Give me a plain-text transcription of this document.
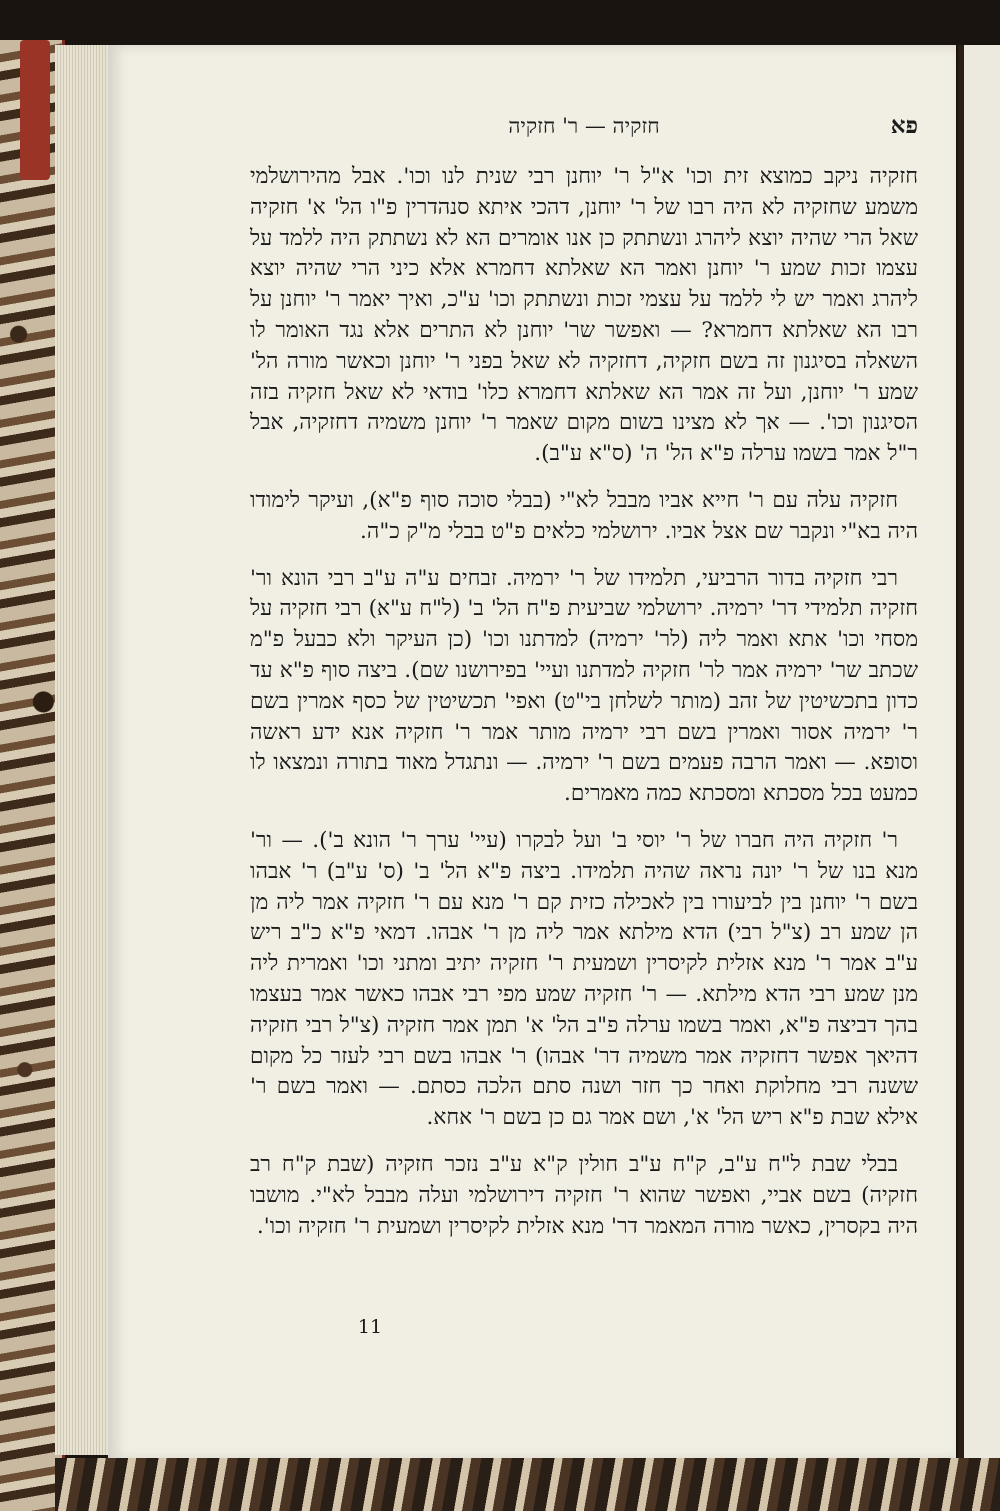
פא
חזקיה — ר' חזקיה

חזקיה ניקב כמוצא זית וכו' א"ל ר' יוחנן רבי שנית לנו וכו'. אבל מהירושלמי משמע שחזקיה לא היה רבו של ר' יוחנן, דהכי איתא סנהדרין פ"ו הל' א' חזקיה שאל הרי שהיה יוצא ליהרג ונשתתק כן אנו אומרים הא לא נשתתק היה ללמד על עצמו זכות שמע ר' יוחנן ואמר הא שאלתא דחמרא אלא כיני הרי שהיה יוצא ליהרג ואמר יש לי ללמד על עצמי זכות ונשתתק וכו' ע"כ, ואיך יאמר ר' יוחנן על רבו הא שאלתא דחמרא? — ואפשר שר' יוחנן לא התרים אלא נגד האומר לו השאלה בסיגנון זה בשם חזקיה, דחזקיה לא שאל בפני ר' יוחנן וכאשר מורה הל' שמע ר' יוחנן, ועל זה אמר הא שאלתא דחמרא כלו' בודאי לא שאל חזקיה בזה הסיגנון וכו'. — אך לא מצינו בשום מקום שאמר ר' יוחנן משמיה דחזקיה, אבל ר"ל אמר בשמו ערלה פ"א הל' ה' (ס"א ע"ב).

חזקיה עלה עם ר' חייא אביו מבבל לא"י (בבלי סוכה סוף פ"א), ועיקר לימודו היה בא"י ונקבר שם אצל אביו. ירושלמי כלאים פ"ט בבלי מ"ק כ"ה.

רבי חזקיה בדור הרביעי, תלמידו של ר' ירמיה. זבחים ע"ה ע"ב רבי הונא ור' חזקיה תלמידי דר' ירמיה. ירושלמי שביעית פ"ח הל' ב' (ל"ח ע"א) רבי חזקיה על מסחי וכו' אתא ואמר ליה (לר' ירמיה) למדתנו וכו' (כן העיקר ולא כבעל פ"מ שכתב שר' ירמיה אמר לר' חזקיה למדתנו ועיי' בפירושנו שם). ביצה סוף פ"א עד כדון בתכשיטין של זהב (מותר לשלחן בי"ט) ואפי' תכשיטין של כסף אמרין בשם ר' ירמיה אסור ואמרין בשם רבי ירמיה מותר אמר ר' חזקיה אנא ידע ראשה וסופא. — ואמר הרבה פעמים בשם ר' ירמיה. — ונתגדל מאוד בתורה ונמצאו לו כמעט בכל מסכתא ומסכתא כמה מאמרים.

ר' חזקיה היה חברו של ר' יוסי ב' ועל לבקרו (עיי' ערך ר' הונא ב'). — ור' מנא בנו של ר' יונה נראה שהיה תלמידו. ביצה פ"א הל' ב' (ס' ע"ב) ר' אבהו בשם ר' יוחנן בין לביעורו בין לאכילה כזית קם ר' מנא עם ר' חזקיה אמר ליה מן הן שמע רב (צ"ל רבי) הדא מילתא אמר ליה מן ר' אבהו. דמאי פ"א כ"ב ריש ע"ב אמר ר' מנא אזלית לקיסרין ושמעית ר' חזקיה יתיב ומתני וכו' ואמרית ליה מנן שמע רבי הדא מילתא. — ר' חזקיה שמע מפי רבי אבהו כאשר אמר בעצמו בהך דביצה פ"א, ואמר בשמו ערלה פ"ב הל' א' תמן אמר חזקיה (צ"ל רבי חזקיה דהיאך אפשר דחזקיה אמר משמיה דר' אבהו) ר' אבהו בשם רבי לעזר כל מקום ששנה רבי מחלוקת ואחר כך חזר ושנה סתם הלכה כסתם. — ואמר בשם ר' אילא שבת פ"א ריש הל' א', ושם אמר גם כן בשם ר' אחא.

בבלי שבת ל"ח ע"ב, ק"ח ע"ב חולין ק"א ע"ב נזכר חזקיה (שבת ק"ח רב חזקיה) בשם אביי, ואפשר שהוא ר' חזקיה דירושלמי ועלה מבבל לא"י. מושבו היה בקסרין, כאשר מורה המאמר דר' מנא אזלית לקיסרין ושמעית ר' חזקיה וכו'.

11
